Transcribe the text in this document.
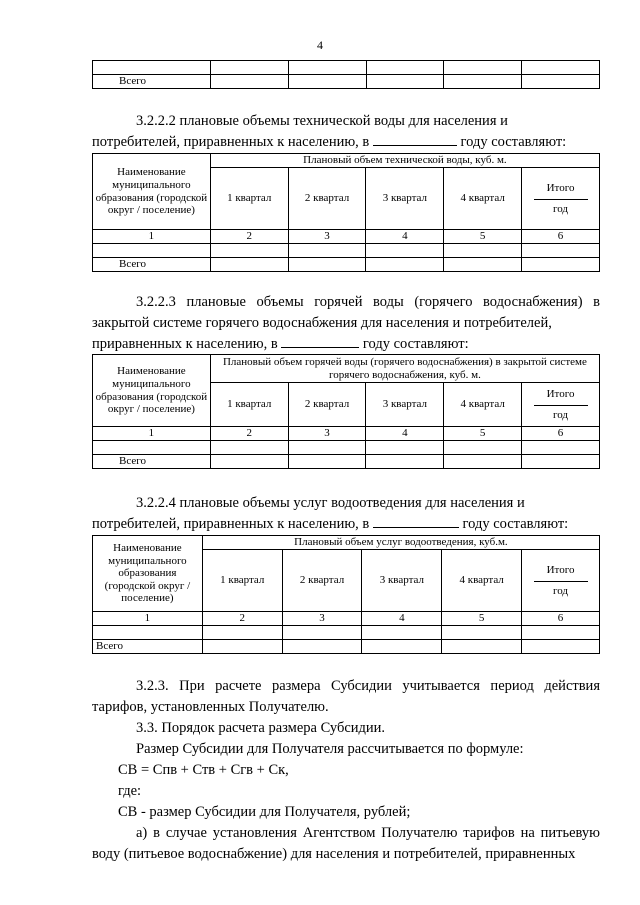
4

Всего					
3.2.2.2 плановые объемы технической воды для населения и
потребителей, приравненных к населению, в	году составляют:
Наименование муниципального образования (городской округ / поселение)	Плановый объем технической воды, куб. м.				
	1 квартал	2 квартал	3 квартал	4 квартал	Итого
год

1	2	3	4	5	6

Всего					
3.2.2.3 плановые объемы горячей воды (горячего водоснабжения) в закрытой системе горячего водоснабжения для населения и потребителей,
приравненных к населению, в	году составляют:
Наименование муниципального образования (городской округ / поселение)	Плановый объем горячей воды (горячего водоснабжения) в закрытой системе горячего водоснабжения, куб. м.				
	1 квартал	2 квартал	3 квартал	4 квартал	Итого
год

1	2	3	4	5	6

Всего					
3.2.2.4 плановые объемы услуг водоотведения для населения и
потребителей, приравненных к населению, в	году составляют:
Наименование муниципального образования (городской округ / поселение)	Плановый объем услуг водоотведения, куб.м.				
	1 квартал	2 квартал	3 квартал	4 квартал	Итого
год

1	2	3	4	5	6

Всего					
3.2.3. При расчете размера Субсидии учитывается период действия тарифов, установленных Получателю.
3.3. Порядок расчета размера Субсидии.
Размер Субсидии для Получателя рассчитывается по формуле:
СВ = Спв + Ств + Сгв + Ск,
где:
СВ - размер Субсидии для Получателя, рублей;
а) в случае установления Агентством Получателю тарифов на питьевую воду (питьевое водоснабжение) для населения и потребителей, приравненных
